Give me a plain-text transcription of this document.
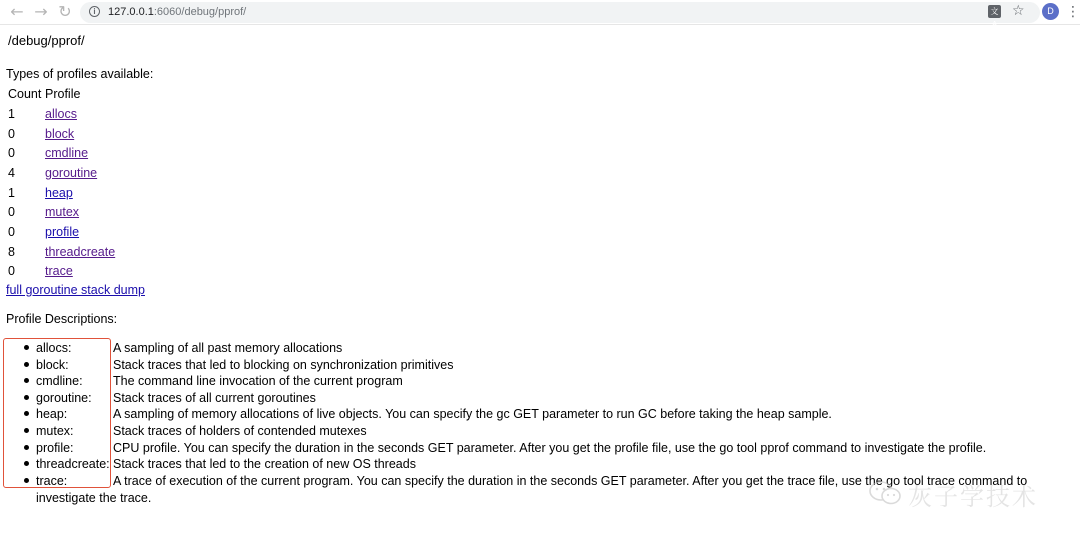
← → ↻	i	127.0.0.1:6060/debug/pprof/	文A
☆	D ⋮
/debug/pprof/
Types of profiles available:
Count Profile
1 allocs
0 block
0 cmdline
4 goroutine
1 heap
0 mutex
0 profile
8 threadcreate
0 trace
full goroutine stack dump
Profile Descriptions:
allocs:	A sampling of all past memory allocations
block:	Stack traces that led to blocking on synchronization primitives
cmdline: The command line invocation of the current program
goroutine: Stack traces of all current goroutines
heap:	A sampling of memory allocations of live objects. You can specify the gc GET parameter to run GC before taking the heap sample.
mutex:	Stack traces of holders of contended mutexes
profile:	CPU profile. You can specify the duration in the seconds GET parameter. After you get the profile file, use the go tool pprof command to investigate the profile.
threadcreate: Stack traces that led to the creation of new OS threads
trace:	A trace of execution of the current program. You can specify the duration in the seconds GET parameter. After you get the trace file, use the go tool trace command to
investigate the trace.	灰子学技术
